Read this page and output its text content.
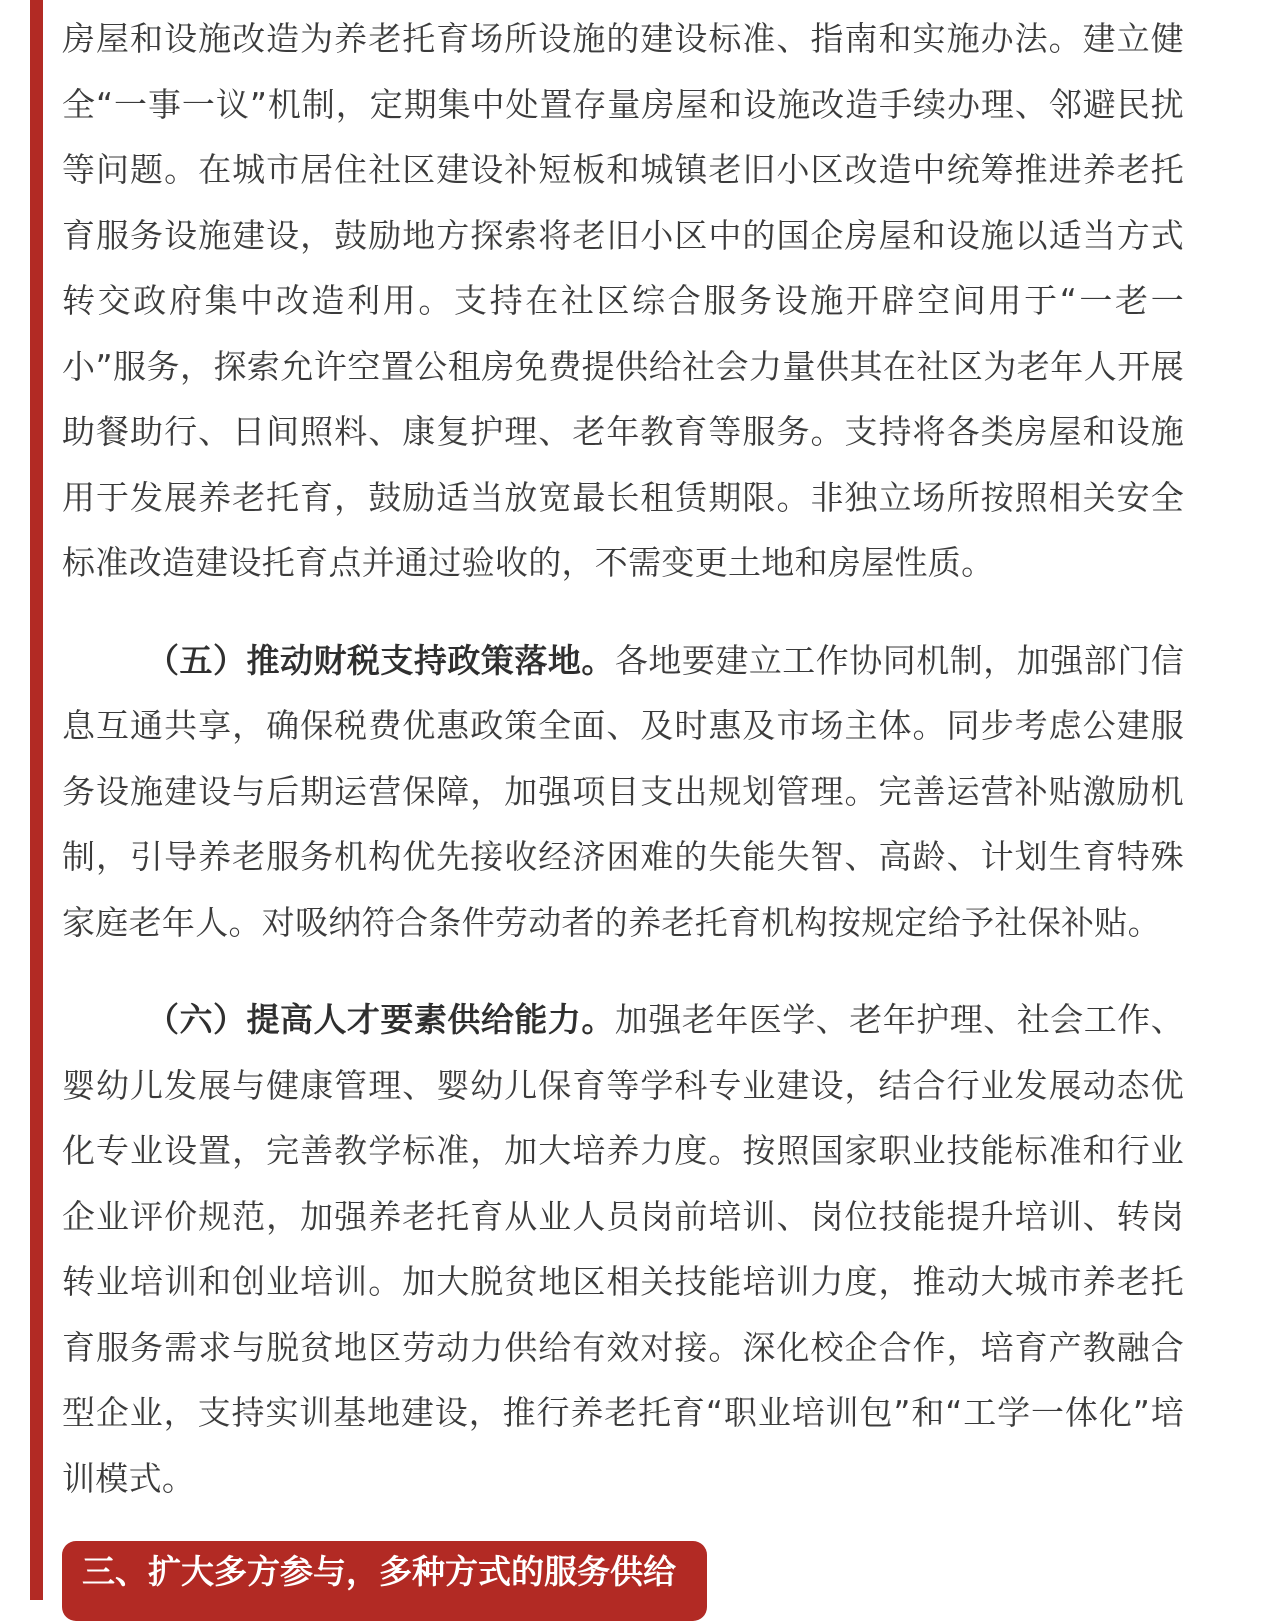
房屋和设施改造为养老托育场所设施的建设标准、指南和实施办法。建立健全“一事一议”机制，定期集中处置存量房屋和设施改造手续办理、邻避民扰等问题。在城市居住社区建设补短板和城镇老旧小区改造中统筹推进养老托育服务设施建设，鼓励地方探索将老旧小区中的国企房屋和设施以适当方式转交政府集中改造利用。支持在社区综合服务设施开辟空间用于“一老一小”服务，探索允许空置公租房免费提供给社会力量供其在社区为老年人开展助餐助行、日间照料、康复护理、老年教育等服务。支持将各类房屋和设施用于发展养老托育，鼓励适当放宽最长租赁期限。非独立场所按照相关安全标准改造建设托育点并通过验收的，不需变更土地和房屋性质。

（五）推动财税支持政策落地。各地要建立工作协同机制，加强部门信息互通共享，确保税费优惠政策全面、及时惠及市场主体。同步考虑公建服务设施建设与后期运营保障，加强项目支出规划管理。完善运营补贴激励机制，引导养老服务机构优先接收经济困难的失能失智、高龄、计划生育特殊家庭老年人。对吸纳符合条件劳动者的养老托育机构按规定给予社保补贴。

（六）提高人才要素供给能力。加强老年医学、老年护理、社会工作、婴幼儿发展与健康管理、婴幼儿保育等学科专业建设，结合行业发展动态优化专业设置，完善教学标准，加大培养力度。按照国家职业技能标准和行业企业评价规范，加强养老托育从业人员岗前培训、岗位技能提升培训、转岗转业培训和创业培训。加大脱贫地区相关技能培训力度，推动大城市养老托育服务需求与脱贫地区劳动力供给有效对接。深化校企合作，培育产教融合型企业，支持实训基地建设，推行养老托育“职业培训包”和“工学一体化”培训模式。

三、扩大多方参与，多种方式的服务供给
